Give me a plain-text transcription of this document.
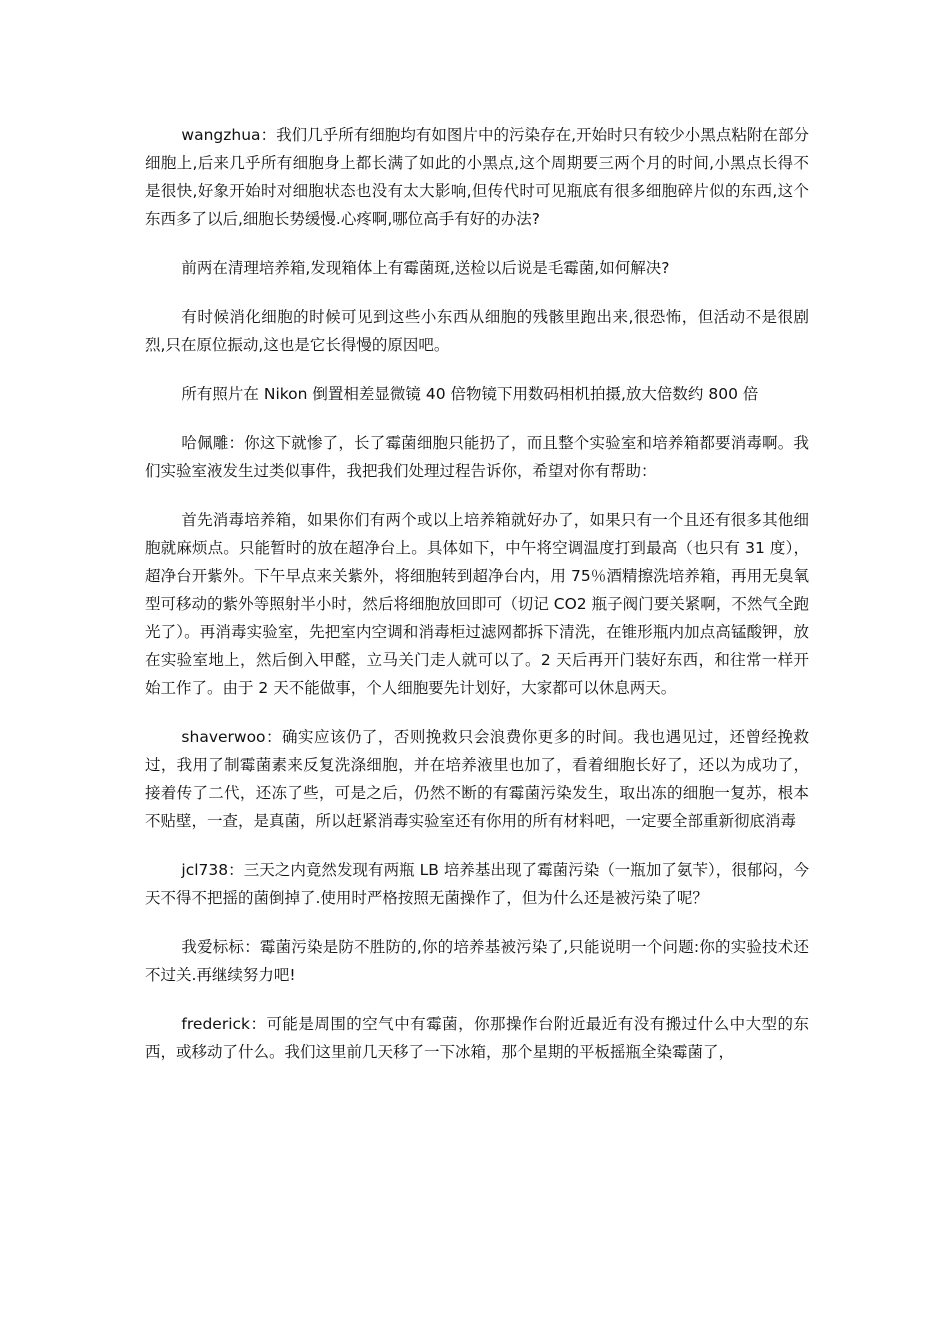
wangzhua：我们几乎所有细胞均有如图片中的污染存在,开始时只有较少小黑点粘附在部分细胞上,后来几乎所有细胞身上都长满了如此的小黑点,这个周期要三两个月的时间,小黑点长得不是很快,好象开始时对细胞状态也没有太大影响,但传代时可见瓶底有很多细胞碎片似的东西,这个东西多了以后,细胞长势缓慢.心疼啊,哪位高手有好的办法?

前两在清理培养箱,发现箱体上有霉菌斑,送检以后说是毛霉菌,如何解决?

有时候消化细胞的时候可见到这些小东西从细胞的残骸里跑出来,很恐怖，但活动不是很剧烈,只在原位振动,这也是它长得慢的原因吧。

所有照片在 Nikon 倒置相差显微镜 40 倍物镜下用数码相机拍摄,放大倍数约 800 倍

哈佩雕：你这下就惨了，长了霉菌细胞只能扔了，而且整个实验室和培养箱都要消毒啊。我们实验室液发生过类似事件，我把我们处理过程告诉你，希望对你有帮助：

首先消毒培养箱，如果你们有两个或以上培养箱就好办了，如果只有一个且还有很多其他细胞就麻烦点。只能暂时的放在超净台上。具体如下，中午将空调温度打到最高（也只有 31 度），超净台开紫外。下午早点来关紫外，将细胞转到超净台内，用 75％酒精擦洗培养箱，再用无臭氧型可移动的紫外等照射半小时，然后将细胞放回即可（切记 CO2 瓶子阀门要关紧啊，不然气全跑光了）。再消毒实验室，先把室内空调和消毒柜过滤网都拆下清洗，在锥形瓶内加点高锰酸钾，放在实验室地上，然后倒入甲醛，立马关门走人就可以了。2 天后再开门装好东西，和往常一样开始工作了。由于 2 天不能做事，个人细胞要先计划好，大家都可以休息两天。

shaverwoo：确实应该仍了，否则挽救只会浪费你更多的时间。我也遇见过，还曾经挽救过，我用了制霉菌素来反复洗涤细胞，并在培养液里也加了，看着细胞长好了，还以为成功了，接着传了二代，还冻了些，可是之后，仍然不断的有霉菌污染发生，取出冻的细胞一复苏，根本不贴壁，一查，是真菌，所以赶紧消毒实验室还有你用的所有材料吧，一定要全部重新彻底消毒

jcl738：三天之内竟然发现有两瓶 LB 培养基出现了霉菌污染（一瓶加了氨苄），很郁闷，今天不得不把摇的菌倒掉了.使用时严格按照无菌操作了，但为什么还是被污染了呢？

我爱标标：霉菌污染是防不胜防的,你的培养基被污染了,只能说明一个问题:你的实验技术还不过关.再继续努力吧!

frederick：可能是周围的空气中有霉菌，你那操作台附近最近有没有搬过什么中大型的东西，或移动了什么。我们这里前几天移了一下冰箱，那个星期的平板摇瓶全染霉菌了，
